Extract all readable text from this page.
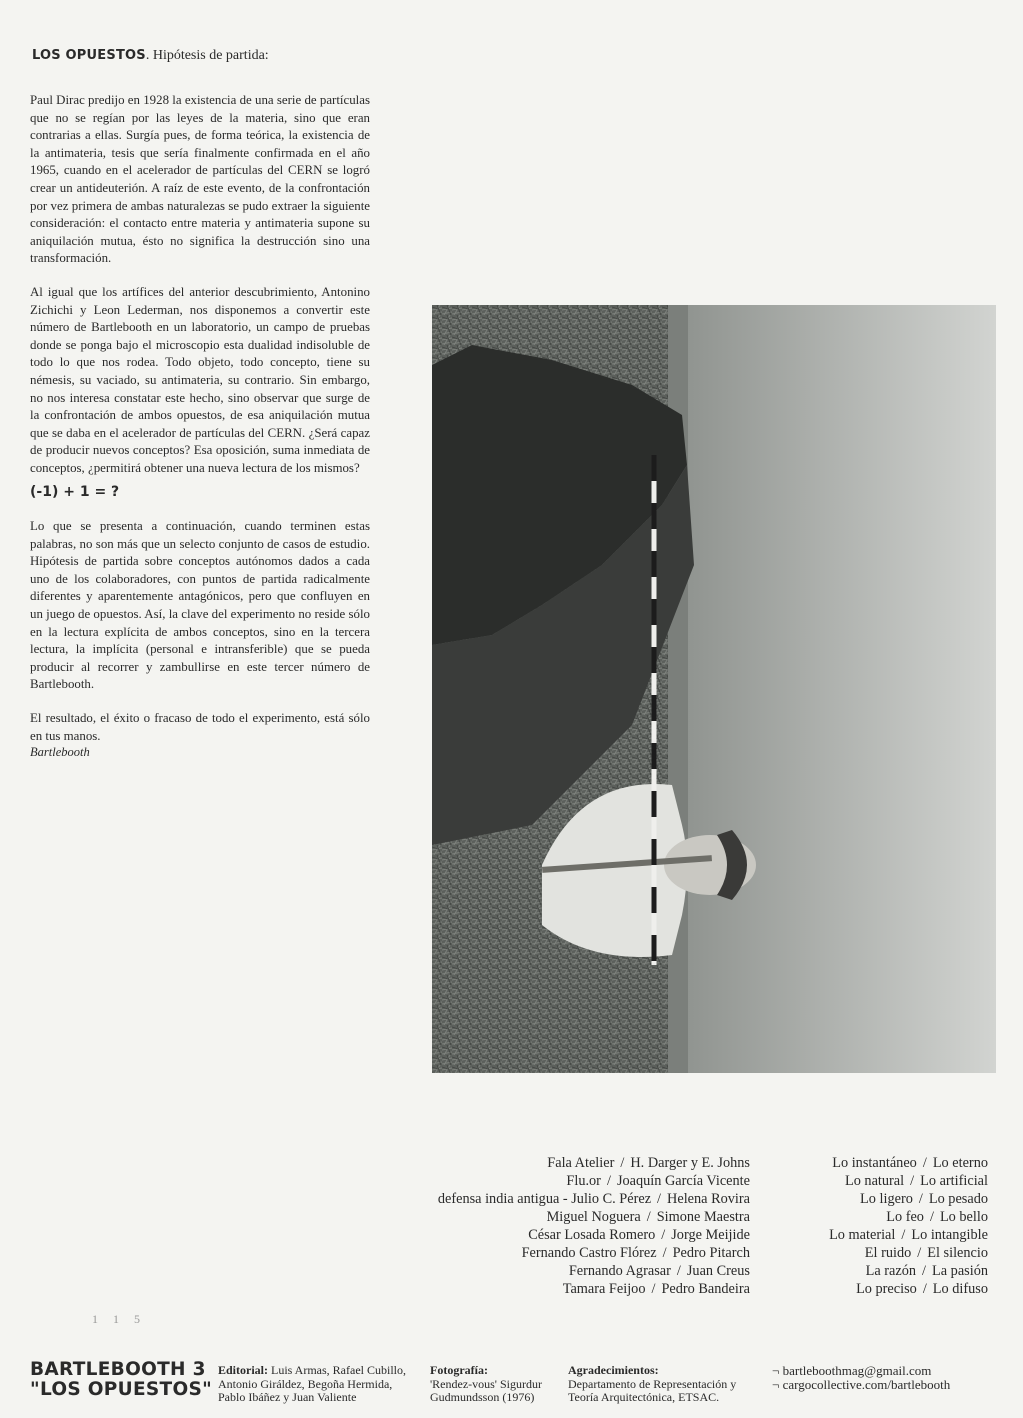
LOS OPUESTOS. Hipótesis de partida:

Paul Dirac predijo en 1928 la existencia de una serie de partículas que no se regían por las leyes de la materia, sino que eran contrarias a ellas. Surgía pues, de forma teórica, la existencia de la antimateria, tesis que sería finalmente confirmada en el año 1965, cuando en el acelerador de partículas del CERN se logró crear un antideuterión. A raíz de este evento, de la confrontación por vez primera de ambas naturalezas se pudo extraer la siguiente consideración: el contacto entre materia y antimateria supone su aniquilación mutua, ésto no significa la destrucción sino una transformación.

Al igual que los artífices del anterior descubrimiento, Antonino Zichichi y Leon Lederman, nos disponemos a convertir este número de Bartlebooth en un laboratorio, un campo de pruebas donde se ponga bajo el microscopio esta dualidad indisoluble de todo lo que nos rodea. Todo objeto, todo concepto, tiene su némesis, su vaciado, su antimateria, su contrario. Sin embargo, no nos interesa constatar este hecho, sino observar que surge de la confrontación de ambos opuestos, de esa aniquilación mutua que se daba en el acelerador de partículas del CERN. ¿Será capaz de producir nuevos conceptos? Esa oposición, suma inmediata de conceptos, ¿permitirá obtener una nueva lectura de los mismos?

(-1) + 1 = ?

Lo que se presenta a continuación, cuando terminen estas palabras, no son más que un selecto conjunto de casos de estudio. Hipótesis de partida sobre conceptos autónomos dados a cada uno de los colaboradores, con puntos de partida radicalmente diferentes y aparentemente antagónicos, pero que confluyen en un juego de opuestos. Así, la clave del experimento no reside sólo en la lectura explícita de ambos conceptos, sino en la tercera lectura, la implícita (personal e intransferible) que se pueda producir al recorrer y zambullirse en este tercer número de Bartlebooth.

El resultado, el éxito o fracaso de todo el experimento, está sólo en tus manos.

Bartlebooth
Fala Atelier / H. Darger y E. Johns
Flu.or / Joaquín García Vicente
defensa india antigua - Julio C. Pérez / Helena Rovira
Miguel Noguera / Simone Maestra
César Losada Romero / Jorge Meijide
Fernando Castro Flórez / Pedro Pitarch
Fernando Agrasar / Juan Creus
Tamara Feijoo / Pedro Bandeira
Lo instantáneo / Lo eterno
Lo natural / Lo artificial
Lo ligero / Lo pesado
Lo feo / Lo bello
Lo material / Lo intangible
El ruido / El silencio
La razón / La pasión
Lo preciso / Lo difuso
1 1 5
BARTLEBOOTH 3
"LOS OPUESTOS"
Editorial: Luis Armas, Rafael Cubillo, Antonio Giráldez, Begoña Hermida, Pablo Ibáñez y Juan Valiente
Fotografía:
'Rendez-vous' Sigurdur Gudmundsson (1976)
Agradecimientos:
Departamento de Representación y Teoría Arquitectónica, ETSAC.
¬ bartleboothmag@gmail.com
¬ cargocollective.com/bartlebooth
